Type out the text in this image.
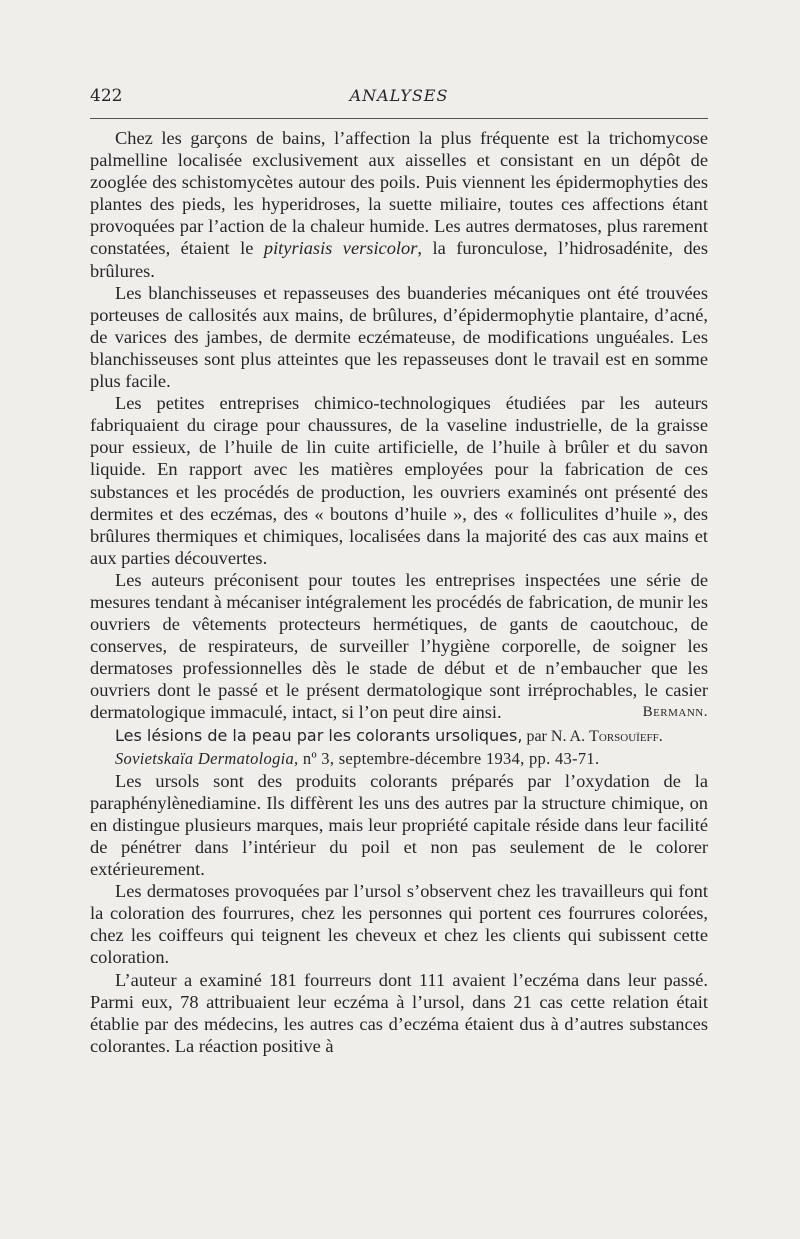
422	ANALYSES

Chez les garçons de bains, l’affection la plus fréquente est la trichomycose palmelline localisée exclusivement aux aisselles et consistant en un dépôt de zooglée des schistomycètes autour des poils. Puis viennent les épidermophyties des plantes des pieds, les hyperidroses, la suette miliaire, toutes ces affections étant provoquées par l’action de la chaleur humide. Les autres dermatoses, plus rarement constatées, étaient le pityriasis versicolor, la furonculose, l’hidrosadénite, des brûlures.

Les blanchisseuses et repasseuses des buanderies mécaniques ont été trouvées porteuses de callosités aux mains, de brûlures, d’épidermophytie plantaire, d’acné, de varices des jambes, de dermite eczémateuse, de modifications unguéales. Les blanchisseuses sont plus atteintes que les repasseuses dont le travail est en somme plus facile.

Les petites entreprises chimico-technologiques étudiées par les auteurs fabriquaient du cirage pour chaussures, de la vaseline industrielle, de la graisse pour essieux, de l’huile de lin cuite artificielle, de l’huile à brûler et du savon liquide. En rapport avec les matières employées pour la fabrication de ces substances et les procédés de production, les ouvriers examinés ont présenté des dermites et des eczémas, des « boutons d’huile », des « folliculites d’huile », des brûlures thermiques et chimiques, localisées dans la majorité des cas aux mains et aux parties découvertes.

Les auteurs préconisent pour toutes les entreprises inspectées une série de mesures tendant à mécaniser intégralement les procédés de fabrication, de munir les ouvriers de vêtements protecteurs hermétiques, de gants de caoutchouc, de conserves, de respirateurs, de surveiller l’hygiène corporelle, de soigner les dermatoses professionnelles dès le stade de début et de n’embaucher que les ouvriers dont le passé et le présent dermatologique sont irréprochables, le casier dermatologique immaculé, intact, si l’on peut dire ainsi.	Bermann.

Les lésions de la peau par les colorants ursoliques, par N. A. Torsouïeff.

Sovietskaïa Dermatologia, nº 3, septembre-décembre 1934, pp. 43-71.

Les ursols sont des produits colorants préparés par l’oxydation de la paraphénylènediamine. Ils diffèrent les uns des autres par la structure chimique, on en distingue plusieurs marques, mais leur propriété capitale réside dans leur facilité de pénétrer dans l’intérieur du poil et non pas seulement de le colorer extérieurement.

Les dermatoses provoquées par l’ursol s’observent chez les travailleurs qui font la coloration des fourrures, chez les personnes qui portent ces fourrures colorées, chez les coiffeurs qui teignent les cheveux et chez les clients qui subissent cette coloration.

L’auteur a examiné 181 fourreurs dont 111 avaient l’eczéma dans leur passé. Parmi eux, 78 attribuaient leur eczéma à l’ursol, dans 21 cas cette relation était établie par des médecins, les autres cas d’eczéma étaient dus à d’autres substances colorantes. La réaction positive à
